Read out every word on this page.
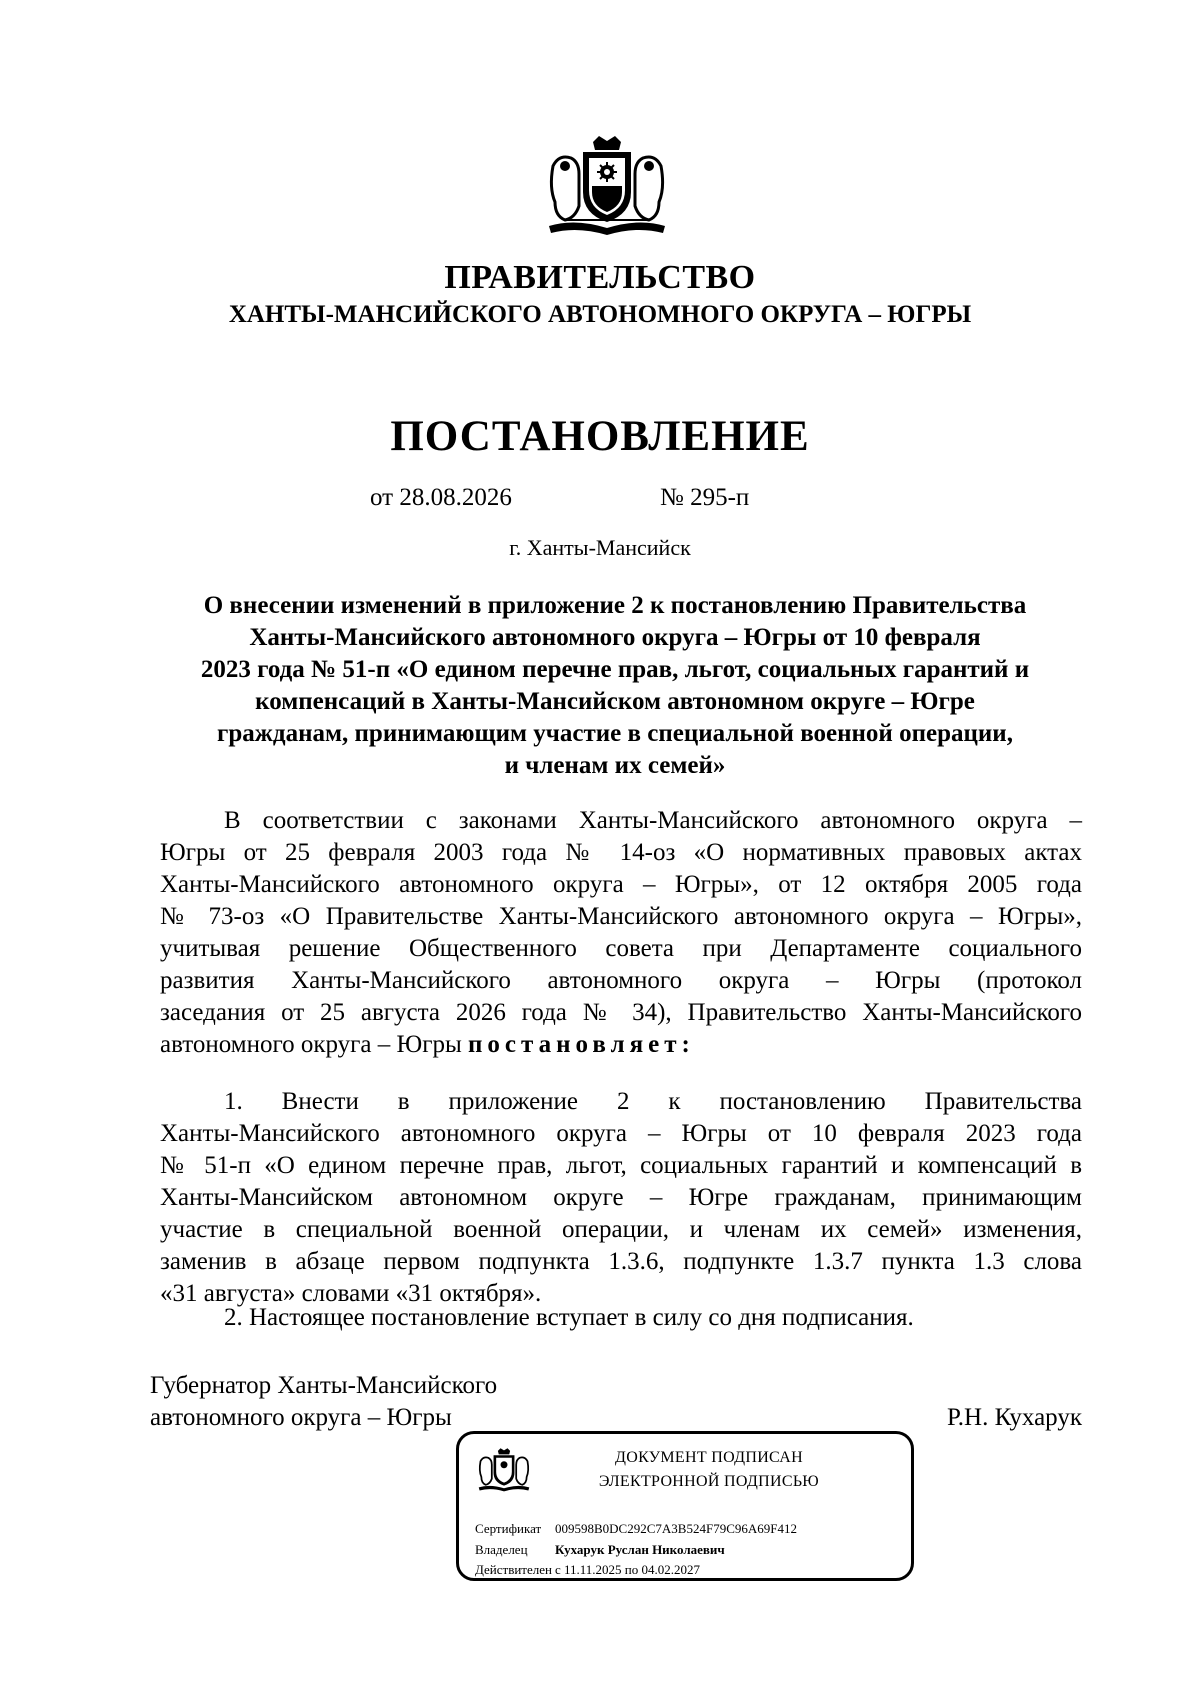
ПРАВИТЕЛЬСТВО
ХАНТЫ-МАНСИЙСКОГО АВТОНОМНОГО ОКРУГА – ЮГРЫ
ПОСТАНОВЛЕНИЕ
от 28.08.2026	№ 295-п
г. Ханты-Мансийск
О внесении изменений в приложение 2 к постановлению Правительства
Ханты-Мансийского автономного округа – Югры от 10 февраля
2023 года № 51-п «О едином перечне прав, льгот, социальных гарантий и
компенсаций в Ханты-Мансийском автономном округе – Югре
гражданам, принимающим участие в специальной военной операции,
и членам их семей»
В соответствии с законами Ханты-Мансийского автономного округа –
Югры от 25 февраля 2003 года № 14-оз «О нормативных правовых актах
Ханты-Мансийского автономного округа – Югры», от 12 октября 2005 года
№ 73-оз «О Правительстве Ханты-Мансийского автономного округа – Югры»,
учитывая решение Общественного совета при Департаменте социального
развития Ханты-Мансийского автономного округа – Югры (протокол
заседания от 25 августа 2026 года № 34), Правительство Ханты-Мансийского
автономного округа – Югры постановляет:
1. Внести в приложение 2 к постановлению Правительства
Ханты-Мансийского автономного округа – Югры от 10 февраля 2023 года
№ 51-п «О едином перечне прав, льгот, социальных гарантий и компенсаций в
Ханты-Мансийском автономном округе – Югре гражданам, принимающим
участие в специальной военной операции, и членам их семей» изменения,
заменив в абзаце первом подпункта 1.3.6, подпункте 1.3.7 пункта 1.3 слова
«31 августа» словами «31 октября».
2. Настоящее постановление вступает в силу со дня подписания.
Губернатор Ханты-Мансийского
автономного округа – Югры	Р.Н. Кухарук
ДОКУМЕНТ ПОДПИСАН
ЭЛЕКТРОННОЙ ПОДПИСЬЮ
Сертификат 009598B0DC292C7A3B524F79C96A69F412
Владелец Кухарук Руслан Николаевич
Действителен с 11.11.2025 по 04.02.2027
